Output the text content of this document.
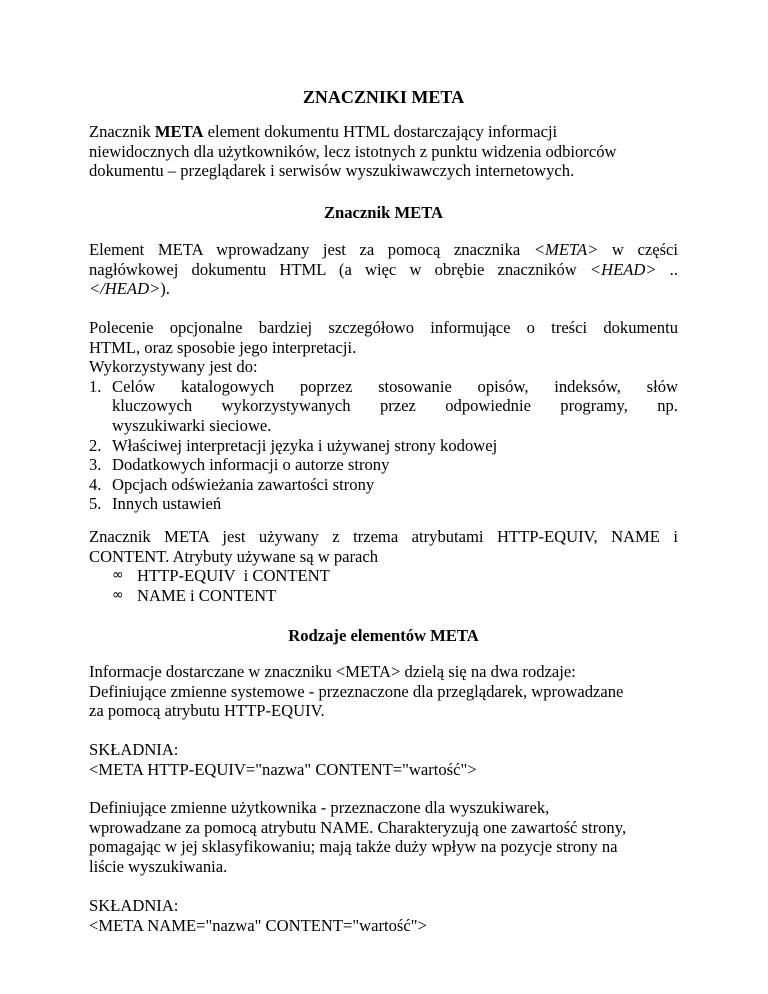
ZNACZNIKI META
Znacznik META element dokumentu HTML dostarczający informacji
niewidocznych dla użytkowników, lecz istotnych z punktu widzenia odbiorców
dokumentu – przeglądarek i serwisów wyszukiwawczych internetowych.
Znacznik META
Element META wprowadzany jest za pomocą znacznika <META> w części
nagłówkowej dokumentu HTML (a więc w obrębie znaczników <HEAD> ..
</HEAD>).
Polecenie opcjonalne bardziej szczegółowo informujące o treści dokumentu
HTML, oraz sposobie jego interpretacji.
Wykorzystywany jest do:
1. Celów katalogowych poprzez stosowanie opisów, indeksów, słów
kluczowych wykorzystywanych przez odpowiednie programy, np.
wyszukiwarki sieciowe.
2. Właściwej interpretacji języka i używanej strony kodowej
3. Dodatkowych informacji o autorze strony
4. Opcjach odświeżania zawartości strony
5. Innych ustawień
Znacznik META jest używany z trzema atrybutami HTTP-EQUIV, NAME i
CONTENT. Atrybuty używane są w parach
∞ HTTP-EQUIV  i CONTENT
∞ NAME i CONTENT
Rodzaje elementów META
Informacje dostarczane w znaczniku <META> dzielą się na dwa rodzaje:
Definiujące zmienne systemowe - przeznaczone dla przeglądarek, wprowadzane
za pomocą atrybutu HTTP-EQUIV.
SKŁADNIA:
<META HTTP-EQUIV="nazwa" CONTENT="wartość">
Definiujące zmienne użytkownika - przeznaczone dla wyszukiwarek,
wprowadzane za pomocą atrybutu NAME. Charakteryzują one zawartość strony,
pomagając w jej sklasyfikowaniu; mają także duży wpływ na pozycje strony na
liście wyszukiwania.
SKŁADNIA:
<META NAME="nazwa" CONTENT="wartość">
